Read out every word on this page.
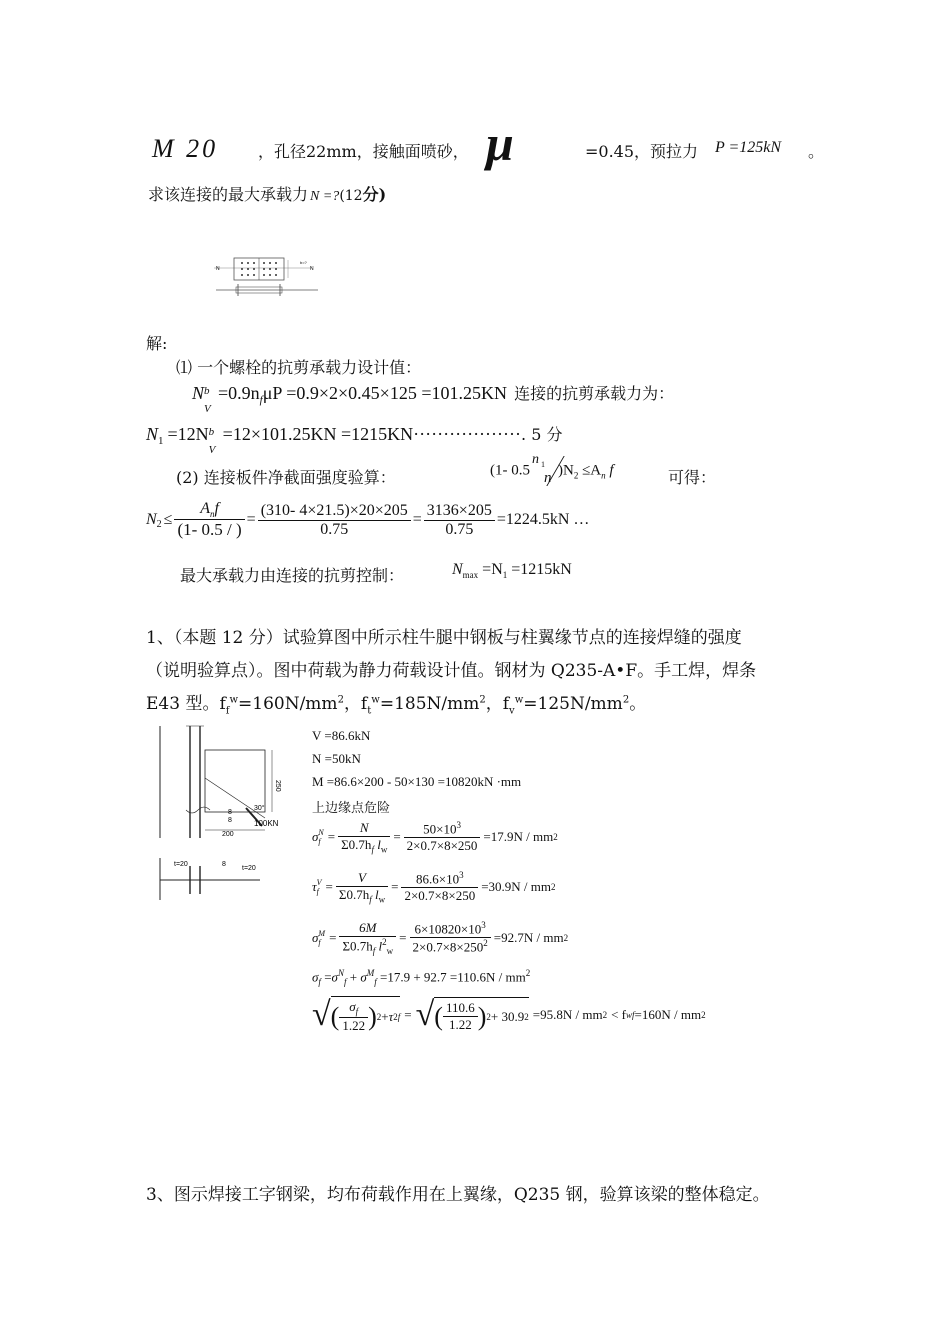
M 20 ，孔径22mm，接触面喷砂， μ	=0.45，预拉力 P =125kN 。
求该连接的最大承载力 N =?(12分)
N	N
b=?
解:
⑴ 一个螺栓的抗剪承载力设计值：
N b
V
$=0.9n_f\mu P =0.9\times 2\times 0.45\times 125 =101.25KN$ 连接的抗剪承载力为：
$N_1 =12N$ b
V
=12×101.25KN =1215KN··················. 5 分
(2) 连接板件净截面强度验算：	(1- 0.5
n 1
n )$N_2 \le A_n$ f	可得：
$N_2 \le \frac{A_nf}{(1- 0.5 / )} = \frac{(310- 4\times 21.5)\times 20\times 205}{0.75} = \frac{3136\times 205}{0.75} =1224.5kN$ …
最大承载力由连接的抗剪控制：	$N_{max} =N_1 =1215kN$
1、（本题 12 分）试验算图中所示柱牛腿中钢板与柱翼缘节点的连接焊缝的强度
（说明验算点）。图中荷载为静力荷载设计值。钢材为 Q235-A•F。手工焊，焊条
E43 型。$f_f^w=160N/mm^2$，$f_t^w=185N/mm^2$，$f_v^w=125N/mm^2$。
100KN
30°
250
200
8
8
t=20
t=20
8
V =86.6kN
N =50kN
M =86.6×200 - 50×130 =10820kN ·mm
上边缘点危险
σ N
$f = \frac{N}{\Sigma 0.7h_f l_w} = \frac{50\times 10^3}{2\times 0.7\times 8\times 250} =17.9N$ / mm 2
τ V
$f = \frac{V}{\Sigma 0.7h_f l_w} = \frac{86.6\times 10^3}{2\times 0.7\times 8\times 250} =30.9N$ / mm 2
σ M
$f = \frac{6M}{\Sigma 0.7h_f l^2_w} = \frac{6\times 10820\times 10^3}{2\times 0.7\times 8\times 250^2} =92.7N$ / mm 2
$\sigma_f =\sigma^N_f + \sigma^M_f =17.9 + 92.7 =110.6N / mm^2$
√ ( $\frac{\sigma_f}{1.22}$ ) 2 + τ 2 f = √ ( $\frac{110.6}{1.22}$ ) 2 + 30.9 2 =95.8N / mm 2 < f w f =160N / mm 2
3、图示焊接工字钢梁，均布荷载作用在上翼缘，Q235 钢，验算该梁的整体稳定。
